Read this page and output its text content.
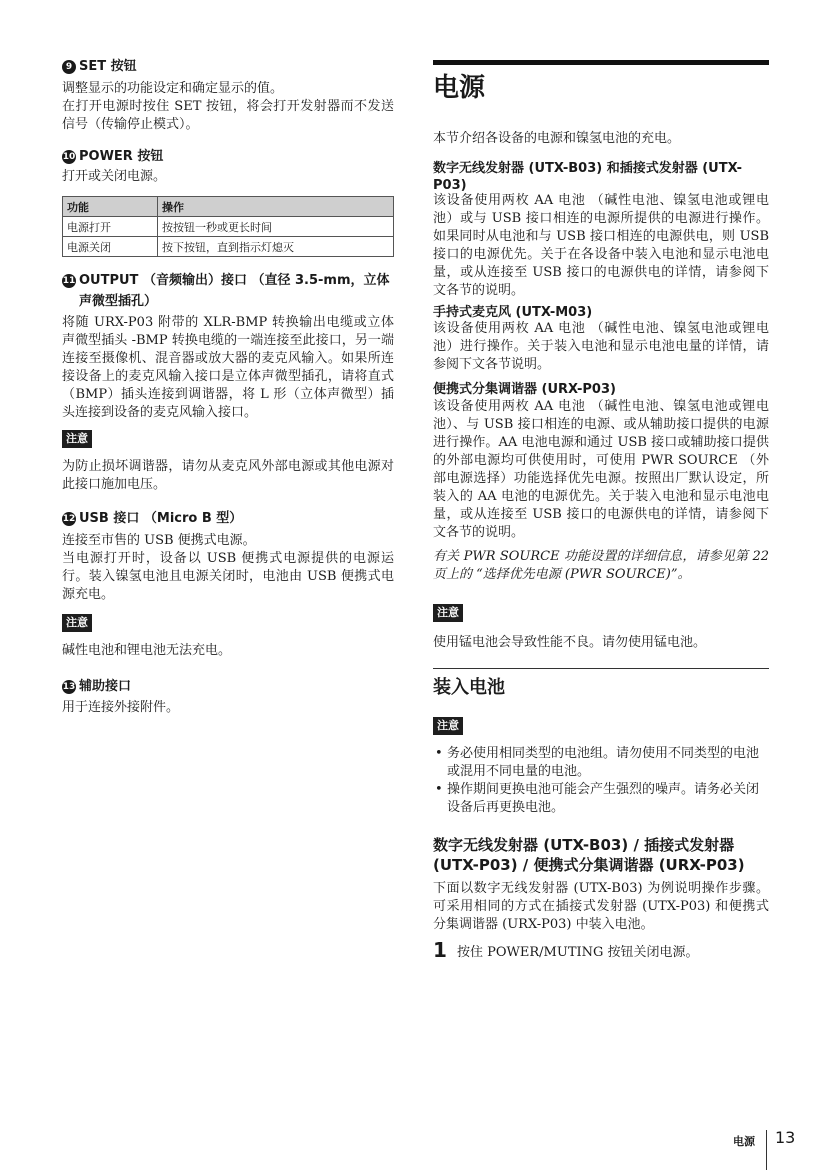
9 SET 按钮

调整显示的功能设定和确定显示的值。
在打开电源时按住 SET 按钮，将会打开发射器而不发送信号（传输停止模式）。

10 POWER 按钮

打开或关闭电源。

功能	操作
电源打开	按按钮一秒或更长时间
电源关闭	按下按钮，直到指示灯熄灭
11 OUTPUT （音频输出）接口 （直径 3.5-mm，立体
声微型插孔）

将随 URX-P03 附带的 XLR-BMP 转换输出电缆或立体声微型插头 -BMP 转换电缆的一端连接至此接口，另一端连接至摄像机、混音器或放大器的麦克风输入。如果所连接设备上的麦克风输入接口是立体声微型插孔，请将直式（BMP）插头连接到调谐器，将 L 形（立体声微型）插头连接到设备的麦克风输入接口。

注意

为防止损坏调谐器，请勿从麦克风外部电源或其他电源对此接口施加电压。

12 USB 接口 （Micro B 型）

连接至市售的 USB 便携式电源。
当电源打开时，设备以 USB 便携式电源提供的电源运行。装入镍氢电池且电源关闭时，电池由 USB 便携式电源充电。

注意

碱性电池和锂电池无法充电。

13 辅助接口

用于连接外接附件。

电源

本节介绍各设备的电源和镍氢电池的充电。

数字无线发射器 (UTX-B03) 和插接式发射器 (UTX-P03)

该设备使用两枚 AA 电池 （碱性电池、镍氢电池或锂电池）或与 USB 接口相连的电源所提供的电源进行操作。如果同时从电池和与 USB 接口相连的电源供电，则 USB 接口的电源优先。关于在各设备中装入电池和显示电池电量，或从连接至 USB 接口的电源供电的详情，请参阅下文各节的说明。

手持式麦克风 (UTX-M03)

该设备使用两枚 AA 电池 （碱性电池、镍氢电池或锂电池）进行操作。关于装入电池和显示电池电量的详情，请参阅下文各节说明。

便携式分集调谐器 (URX-P03)

该设备使用两枚 AA 电池 （碱性电池、镍氢电池或锂电池）、与 USB 接口相连的电源、或从辅助接口提供的电源进行操作。AA 电池电源和通过 USB 接口或辅助接口提供的外部电源均可供使用时，可使用 PWR SOURCE （外部电源选择）功能选择优先电源。按照出厂默认设定，所装入的 AA 电池的电源优先。关于装入电池和显示电池电量，或从连接至 USB 接口的电源供电的详情，请参阅下文各节的说明。

有关 PWR SOURCE 功能设置的详细信息，请参见第 22 页上的 “选择优先电源 (PWR SOURCE)”。

注意

使用锰电池会导致性能不良。请勿使用锰电池。

装入电池
注意
• 务必使用相同类型的电池组。请勿使用不同类型的电池或混用不同电量的电池。
• 操作期间更换电池可能会产生强烈的噪声。请务必关闭设备后再更换电池。
数字无线发射器 (UTX-B03) / 插接式发射器
(UTX-P03) / 便携式分集调谐器 (URX-P03)

下面以数字无线发射器 (UTX-B03) 为例说明操作步骤。可采用相同的方式在插接式发射器 (UTX-P03) 和便携式分集调谐器 (URX-P03) 中装入电池。

1 按住 POWER/MUTING 按钮关闭电源。

电源 13
